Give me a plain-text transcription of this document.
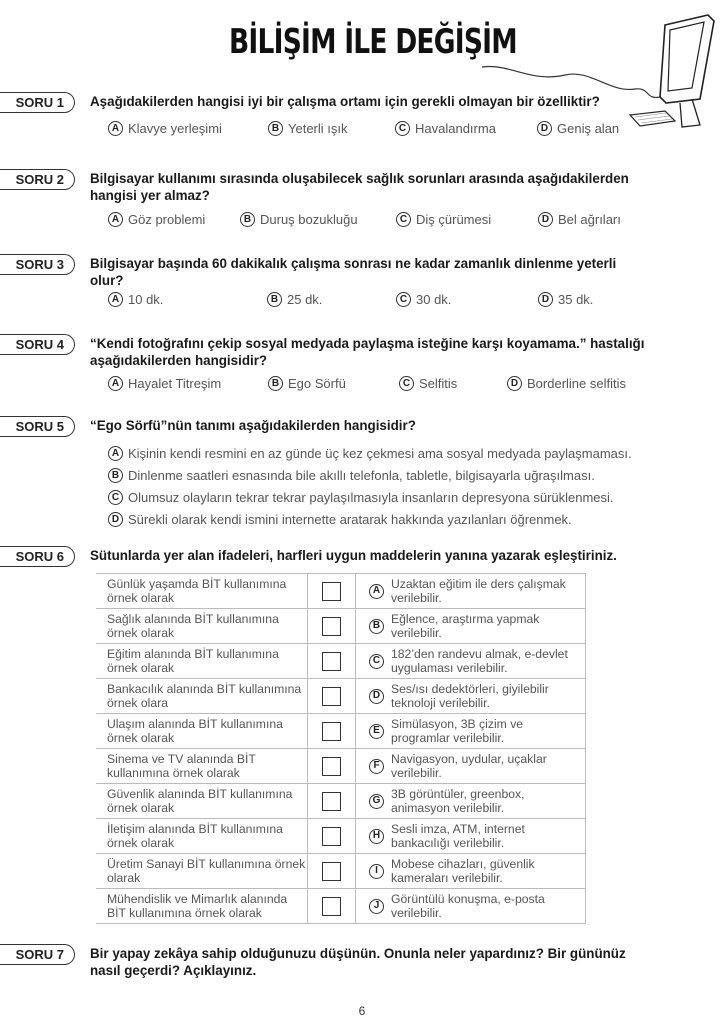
BİLİŞİM İLE DEĞİŞİM
SORU 1	Aşağıdakilerden hangisi iyi bir çalışma ortamı için gerekli olmayan bir özelliktir?
A Klavye yerleşimi	B Yeterli ışık	C Havalandırma	D Geniş alan
SORU 2	Bilgisayar kullanımı sırasında oluşabilecek sağlık sorunları arasında aşağıdakilerden hangisi yer almaz?
A Göz problemi	B Duruş bozukluğu	C Diş çürümesi	D Bel ağrıları
SORU 3	Bilgisayar başında 60 dakikalık çalışma sonrası ne kadar zamanlık dinlenme yeterli olur?
A 10 dk.	B 25 dk.	C 30 dk.	D 35 dk.
SORU 4	“Kendi fotoğrafını çekip sosyal medyada paylaşma isteğine karşı koyamama.” hastalığı aşağıdakilerden hangisidir?
A Hayalet Titreşim	B Ego Sörfü	C Selfitis	D Borderline selfitis
SORU 5	“Ego Sörfü”nün tanımı aşağıdakilerden hangisidir?
A Kişinin kendi resmini en az günde üç kez çekmesi ama sosyal medyada paylaşmaması.
B Dinlenme saatleri esnasında bile akıllı telefonla, tabletle, bilgisayarla uğraşılması.
C Olumsuz olayların tekrar tekrar paylaşılmasıyla insanların depresyona sürüklenmesi.
D Sürekli olarak kendi ismini internette aratarak hakkında yazılanları öğrenmek.
SORU 6	Sütunlarda yer alan ifadeleri, harfleri uygun maddelerin yanına yazarak eşleştiriniz.
Günlük yaşamda BİT kullanımına örnek olarak		A Uzaktan eğitim ile ders çalışmak verilebilir.

Sağlık alanında BİT kullanımına örnek olarak		B Eğlence, araştırma yapmak verilebilir.

Eğitim alanında BİT kullanımına örnek olarak		C 182’den randevu almak, e-devlet uygulaması verilebilir.

Bankacılık alanında BİT kullanımına örnek olara		D Ses/ısı dedektörleri, giyilebilir teknoloji verilebilir.

Ulaşım alanında BİT kullanımına örnek olarak		E Simülasyon, 3B çizim ve programlar verilebilir.

Sinema ve TV alanında BİT kullanımına örnek olarak		F Navigasyon, uydular, uçaklar verilebilir.

Güvenlik alanında BİT kullanımına örnek olarak		G 3B görüntüler, greenbox, animasyon verilebilir.

İletişim alanında BİT kullanımına örnek olarak		H Sesli imza, ATM, internet bankacılığı verilebilir.

Üretim Sanayi BİT kullanımına örnek olarak		I Mobese cihazları, güvenlik kameraları verilebilir.

Mühendislik ve Mimarlık alanında BİT kullanımına örnek olarak		J Görüntülü konuşma, e-posta verilebilir.
SORU 7	Bir yapay zekâya sahip olduğunuzu düşünün. Onunla neler yapardınız? Bir gününüz nasıl geçerdi? Açıklayınız.
6
